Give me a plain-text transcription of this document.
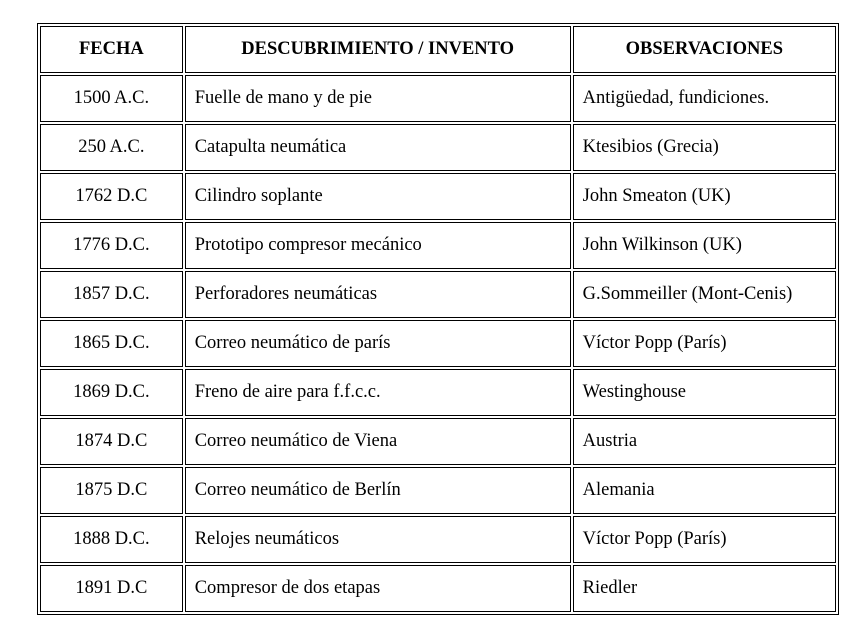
FECHA	DESCUBRIMIENTO / INVENTO	OBSERVACIONES
1500 A.C.	Fuelle de mano y de pie	Antigüedad, fundiciones.
250 A.C.	Catapulta neumática	Ktesibios (Grecia)
1762 D.C	Cilindro soplante	John Smeaton (UK)
1776 D.C.	Prototipo compresor mecánico	John Wilkinson (UK)
1857 D.C.	Perforadores neumáticas	G.Sommeiller (Mont-Cenis)
1865 D.C.	Correo neumático de parís	Víctor Popp (París)
1869 D.C.	Freno de aire para f.f.c.c.	Westinghouse
1874 D.C	Correo neumático de Viena	Austria
1875 D.C	Correo neumático de Berlín	Alemania
1888 D.C.	Relojes neumáticos	Víctor Popp (París)
1891 D.C	Compresor de dos etapas	Riedler
